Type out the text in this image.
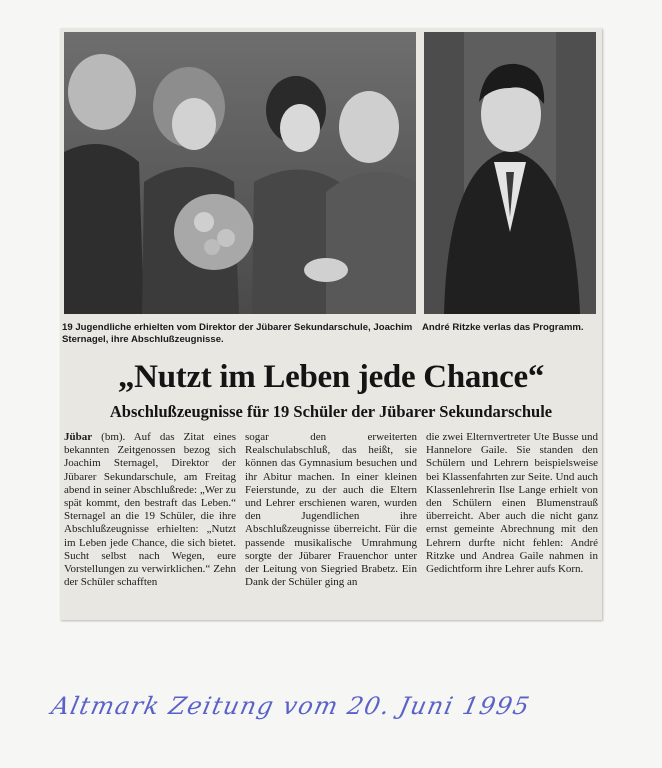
19 Jugendliche erhielten vom Direktor der Jübarer Sekundarschule, Joachim Sternagel, ihre Abschlußzeugnisse.
André Ritzke verlas das Programm.
„Nutzt im Leben jede Chance“
Abschlußzeugnisse für 19 Schüler der Jübarer Sekundarschule

Jübar (bm). Auf das Zitat eines bekannten Zeitgenossen bezog sich Joachim Sternagel, Direktor der Jübarer Sekundarschule, am Freitag abend in seiner Abschlußrede: „Wer zu spät kommt, den bestraft das Leben.“ Sternagel an die 19 Schüler, die ihre Abschlußzeugnisse erhielten: „Nutzt im Leben jede Chance, die sich bietet. Sucht selbst nach Wegen, eure Vorstellungen zu verwirklichen.“ Zehn der Schüler schafften

sogar den erweiterten Realschulabschluß, das heißt, sie können das Gymnasium besuchen und ihr Abitur machen. In einer kleinen Feierstunde, zu der auch die Eltern und Lehrer erschienen waren, wurden den Jugendlichen ihre Abschlußzeugnisse überreicht. Für die passende musikalische Umrahmung sorgte der Jübarer Frauenchor unter der Leitung von Siegried Brabetz. Ein Dank der Schüler ging an

die zwei Elternvertreter Ute Busse und Hannelore Gaile. Sie standen den Schülern und Lehrern beispielsweise bei Klassenfahrten zur Seite. Und auch Klassenlehrerin Ilse Lange erhielt von den Schülern einen Blumenstrauß überreicht. Aber auch die nicht ganz ernst gemeinte Abrechnung mit den Lehrern durfte nicht fehlen: André Ritzke und Andrea Gaile nahmen in Gedichtform ihre Lehrer aufs Korn.

Altmark Zeitung vom 20. Juni 1995
